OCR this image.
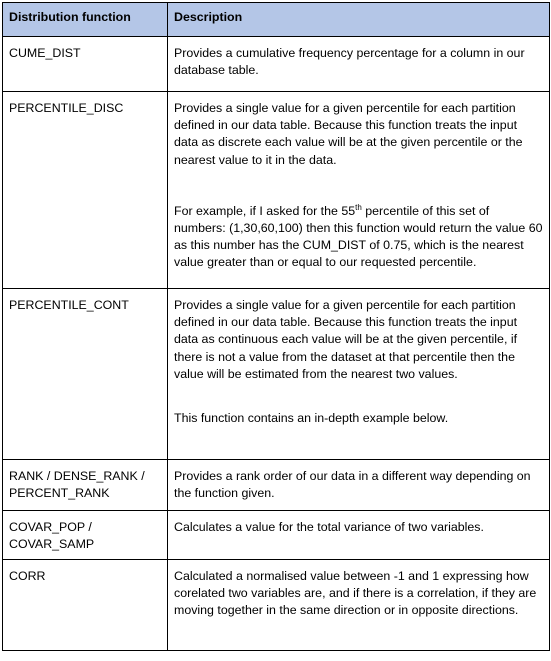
Distribution function	Description
CUME_DIST	Provides a cumulative frequency percentage for a column in our database table.

PERCENTILE_DISC	Provides a single value for a given percentile for each partition defined in our data table. Because this function treats the input data as discrete each value will be at the given percentile or the nearest value to it in the data.

For example, if I asked for the 55th percentile of this set of numbers: (1,30,60,100) then this function would return the value 60 as this number has the CUM_DIST of 0.75, which is the nearest value greater than or equal to our requested percentile.

PERCENTILE_CONT	Provides a single value for a given percentile for each partition defined in our data table. Because this function treats the input data as continuous each value will be at the given percentile, if there is not a value from the dataset at that percentile then the value will be estimated from the nearest two values.

This function contains an in-depth example below.

RANK / DENSE_RANK / PERCENT_RANK	Provides a rank order of our data in a different way depending on the function given.

COVAR_POP / COVAR_SAMP	Calculates a value for the total variance of two variables.

CORR	Calculated a normalised value between -1 and 1 expressing how corelated two variables are, and if there is a correlation, if they are moving together in the same direction or in opposite directions.
